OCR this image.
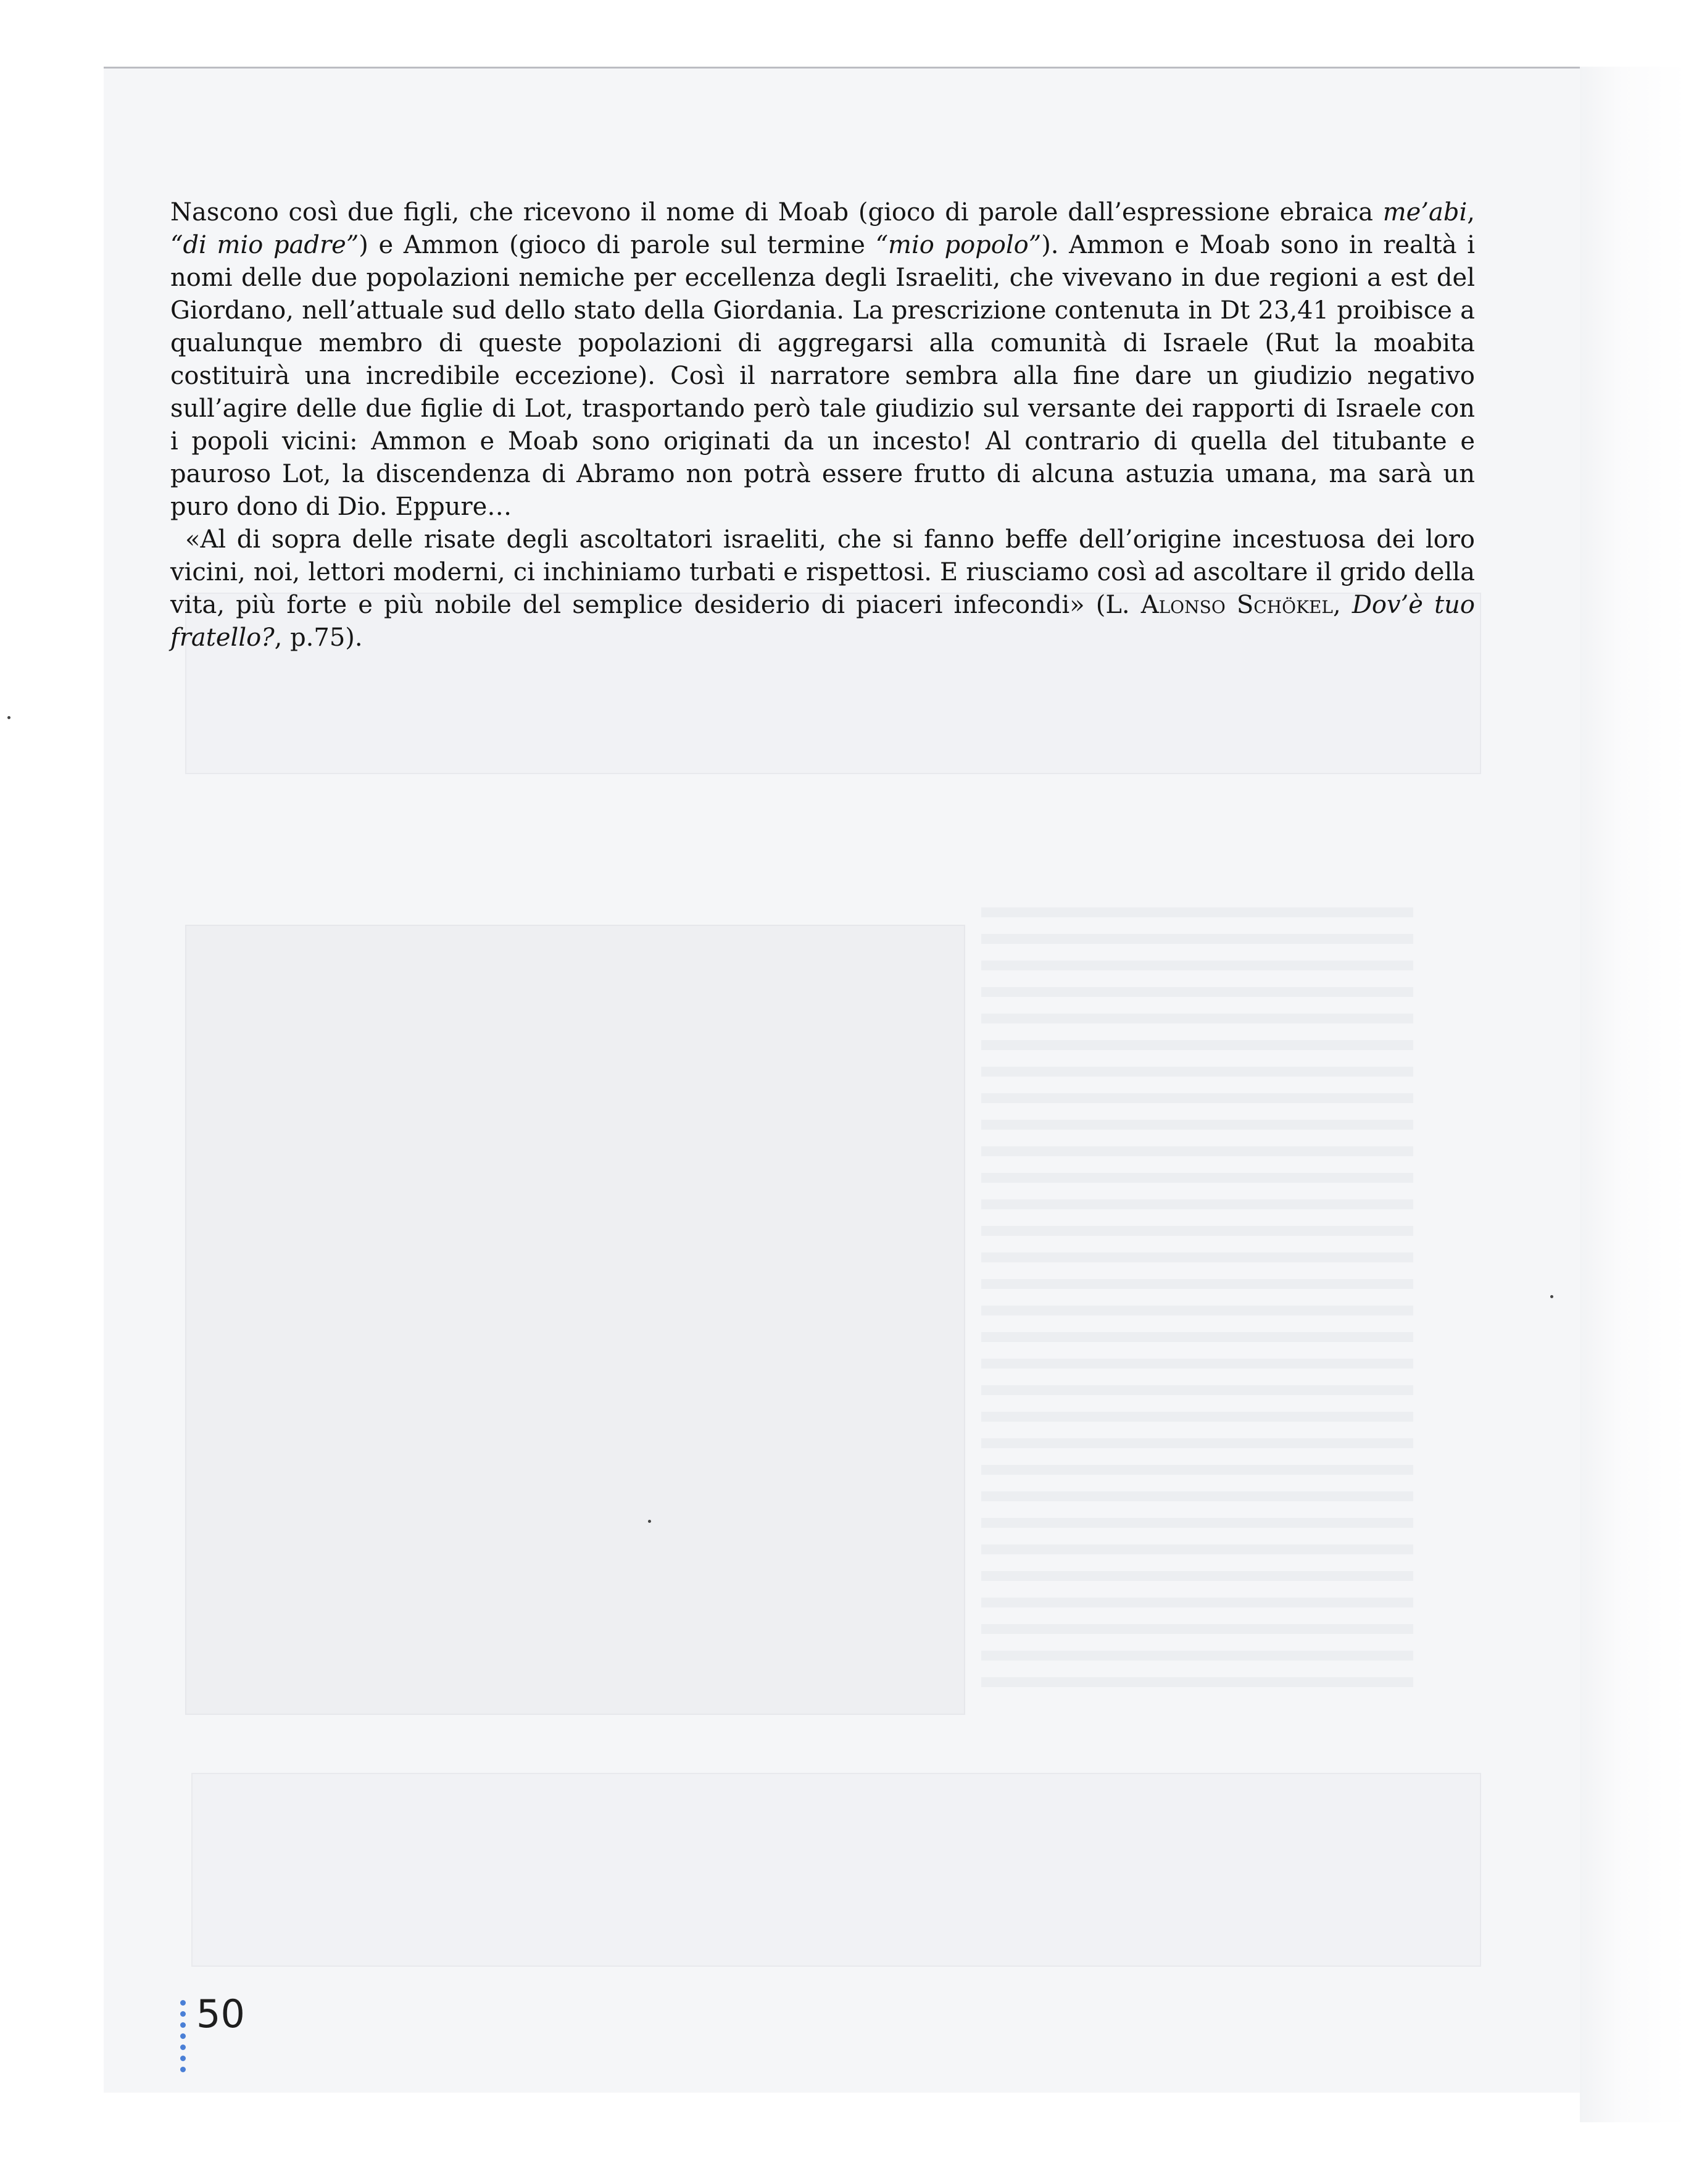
Nascono così due figli, che ricevono il nome di Moab (gioco di parole dall’espressione ebraica me’abi, “di mio padre”) e Ammon (gioco di parole sul termine “mio popolo”). Ammon e Moab sono in realtà i nomi delle due popolazioni nemiche per eccellenza degli Israeliti, che vivevano in due regioni a est del Giordano, nell’attuale sud dello stato della Giordania. La prescrizione contenuta in Dt 23,41 proibisce a qualunque membro di queste popolazioni di aggregarsi alla comunità di Israele (Rut la moabita costituirà una incredibile eccezione). Così il narratore sembra alla fine dare un giudizio negativo sull’agire delle due figlie di Lot, trasportando però tale giudizio sul versante dei rapporti di Israele con i popoli vicini: Ammon e Moab sono originati da un incesto! Al contrario di quella del titubante e pauroso Lot, la discendenza di Abramo non potrà essere frutto di alcuna astuzia umana, ma sarà un puro dono di Dio. Eppure…

«Al di sopra delle risate degli ascoltatori israeliti, che si fanno beffe dell’origine incestuosa dei loro vicini, noi, lettori moderni, ci inchiniamo turbati e rispettosi. E riusciamo così ad ascoltare il grido della vita, più forte e più nobile del semplice desiderio di piaceri infecondi» (L. Alonso Schökel, Dov’è tuo fratello?, p.75).

50
